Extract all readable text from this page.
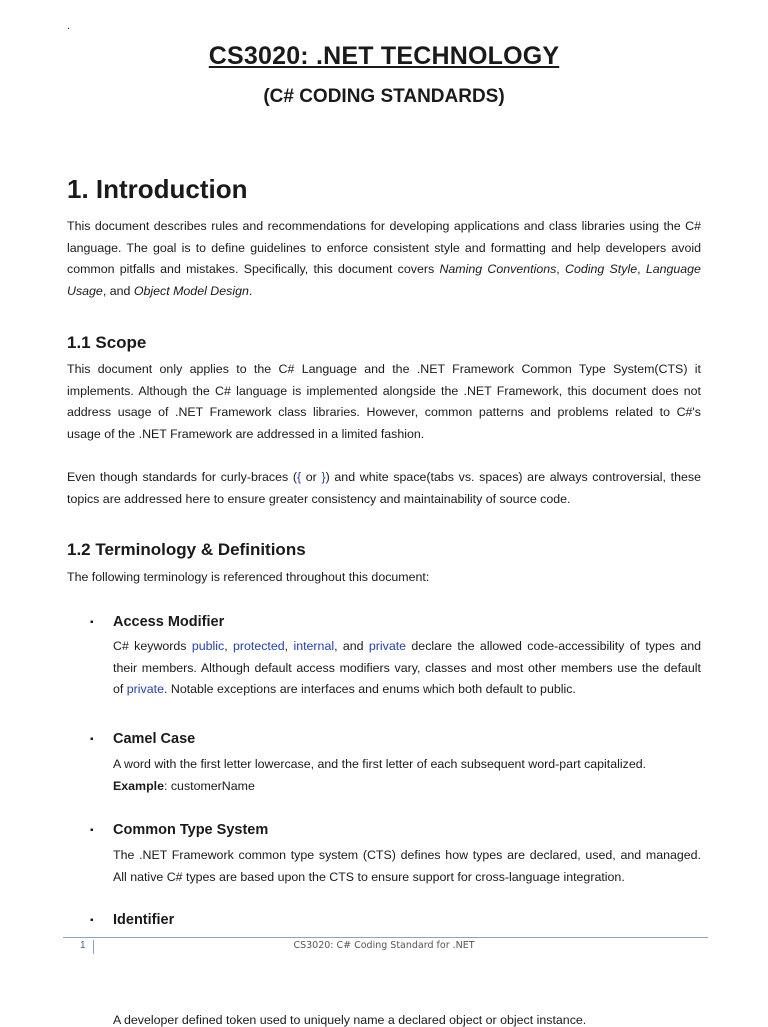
.
CS3020: .NET TECHNOLOGY
(C# CODING STANDARDS)
1. Introduction
This document describes rules and recommendations for developing applications and class libraries using the C#
language. The goal is to define guidelines to enforce consistent style and formatting and help developers avoid
common pitfalls and mistakes. Specifically, this document covers Naming Conventions, Coding Style, Language
Usage, and Object Model Design.
1.1 Scope
This document only applies to the C# Language and the .NET Framework Common Type System(CTS) it
implements. Although the C# language is implemented alongside the .NET Framework, this document does not
address usage of .NET Framework class libraries. However, common patterns and problems related to C#'s
usage of the .NET Framework are addressed in a limited fashion.
Even though standards for curly-braces ({ or }) and white space(tabs vs. spaces) are always controversial, these
topics are addressed here to ensure greater consistency and maintainability of source code.
1.2 Terminology & Definitions
The following terminology is referenced throughout this document:
▪ Access Modifier
C# keywords public, protected, internal, and private declare the allowed code-accessibility of types and
their members. Although default access modifiers vary, classes and most other members use the default
of private. Notable exceptions are interfaces and enums which both default to public.
▪ Camel Case
A word with the first letter lowercase, and the first letter of each subsequent word-part capitalized.
Example: customerName
▪ Common Type System
The .NET Framework common type system (CTS) defines how types are declared, used, and managed.
All native C# types are based upon the CTS to ensure support for cross-language integration.
▪ Identifier
1	CS3020: C# Coding Standard for .NET
A developer defined token used to uniquely name a declared object or object instance.
